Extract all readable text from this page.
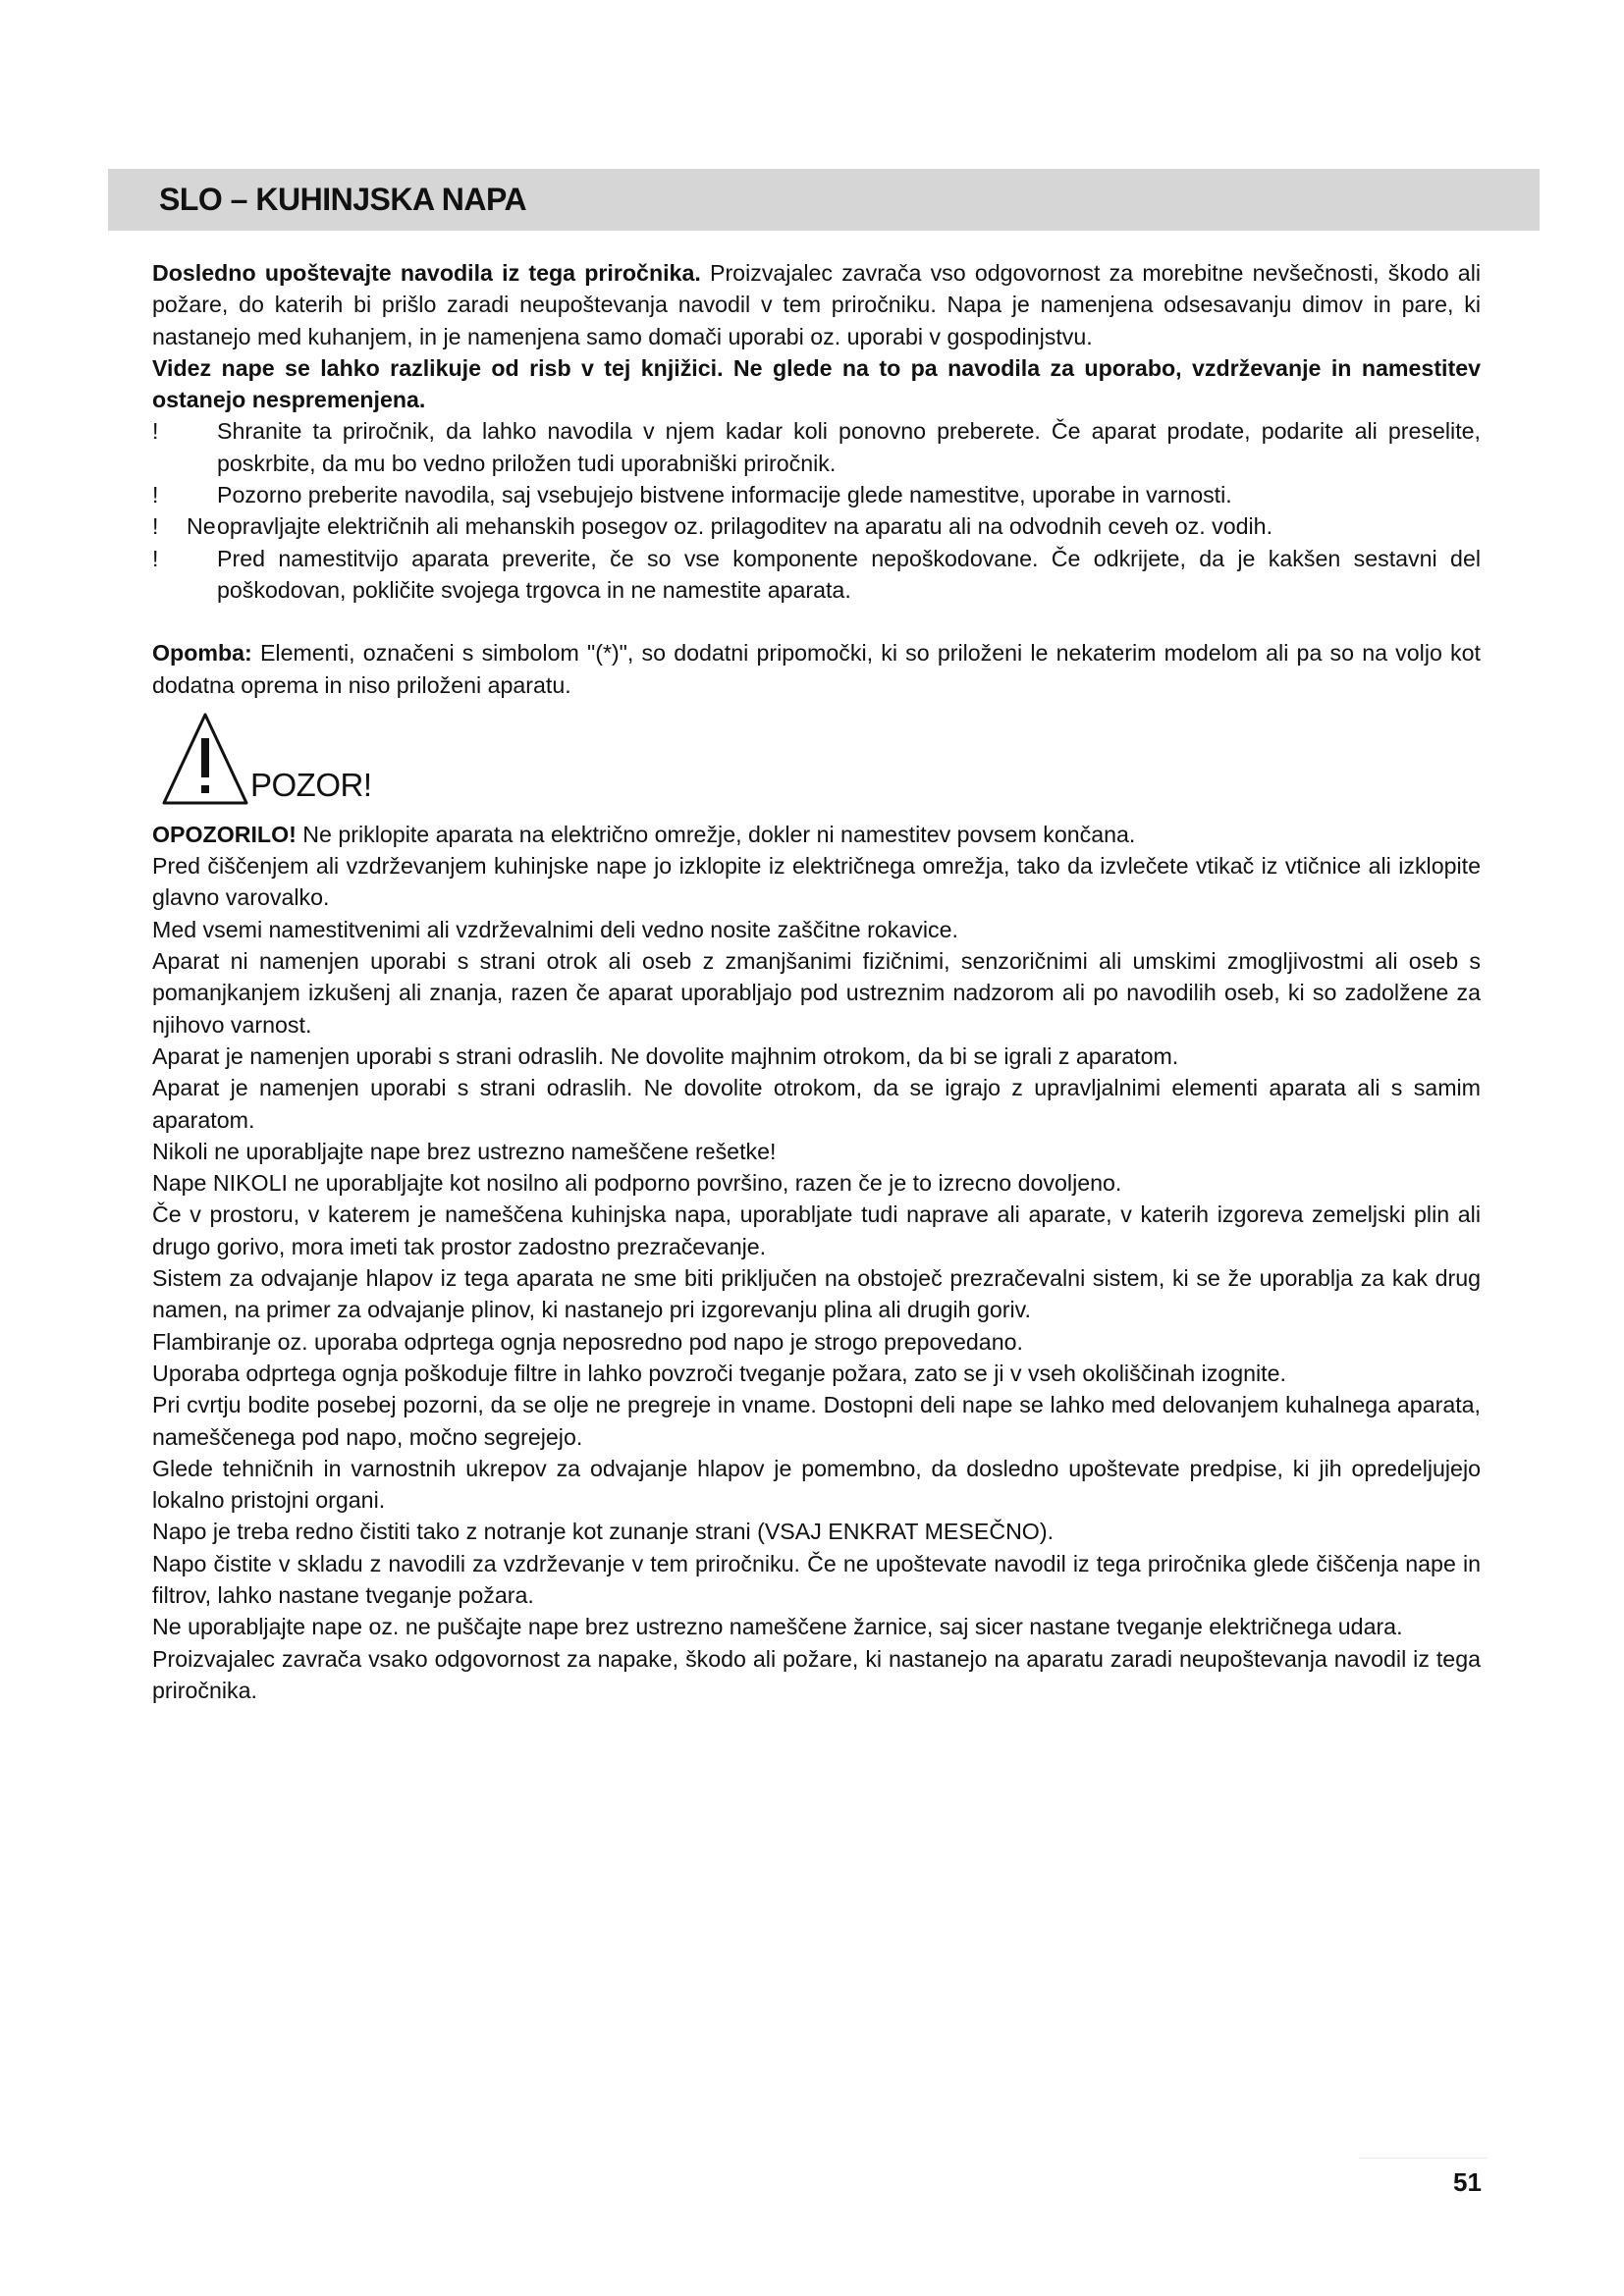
SLO – KUHINJSKA NAPA

Dosledno upoštevajte navodila iz tega priročnika. Proizvajalec zavrača vso odgovornost za morebitne nevšečnosti, škodo ali požare, do katerih bi prišlo zaradi neupoštevanja navodil v tem priročniku. Napa je namenjena odsesavanju dimov in pare, ki nastanejo med kuhanjem, in je namenjena samo domači uporabi oz. uporabi v gospodinjstvu.

Videz nape se lahko razlikuje od risb v tej knjižici. Ne glede na to pa navodila za uporabo, vzdrževanje in namestitev ostanejo nespremenjena.

!	Shranite ta priročnik, da lahko navodila v njem kadar koli ponovno preberete. Če aparat prodate, podarite ali preselite, poskrbite, da mu bo vedno priložen tudi uporabniški priročnik.
!	Pozorno preberite navodila, saj vsebujejo bistvene informacije glede namestitve, uporabe in varnosti.
! Ne opravljajte električnih ali mehanskih posegov oz. prilagoditev na aparatu ali na odvodnih ceveh oz. vodih.
!	Pred namestitvijo aparata preverite, če so vse komponente nepoškodovane. Če odkrijete, da je kakšen sestavni del poškodovan, pokličite svojega trgovca in ne namestite aparata.

Opomba: Elementi, označeni s simbolom "(*)", so dodatni pripomočki, ki so priloženi le nekaterim modelom ali pa so na voljo kot dodatna oprema in niso priloženi aparatu.

POZOR!

OPOZORILO! Ne priklopite aparata na električno omrežje, dokler ni namestitev povsem končana.

Pred čiščenjem ali vzdrževanjem kuhinjske nape jo izklopite iz električnega omrežja, tako da izvlečete vtikač iz vtičnice ali izklopite glavno varovalko.

Med vsemi namestitvenimi ali vzdrževalnimi deli vedno nosite zaščitne rokavice.

Aparat ni namenjen uporabi s strani otrok ali oseb z zmanjšanimi fizičnimi, senzoričnimi ali umskimi zmogljivostmi ali oseb s pomanjkanjem izkušenj ali znanja, razen če aparat uporabljajo pod ustreznim nadzorom ali po navodilih oseb, ki so zadolžene za njihovo varnost.

Aparat je namenjen uporabi s strani odraslih. Ne dovolite majhnim otrokom, da bi se igrali z aparatom.

Aparat je namenjen uporabi s strani odraslih. Ne dovolite otrokom, da se igrajo z upravljalnimi elementi aparata ali s samim aparatom.

Nikoli ne uporabljajte nape brez ustrezno nameščene rešetke!

Nape NIKOLI ne uporabljajte kot nosilno ali podporno površino, razen če je to izrecno dovoljeno.

Če v prostoru, v katerem je nameščena kuhinjska napa, uporabljate tudi naprave ali aparate, v katerih izgoreva zemeljski plin ali drugo gorivo, mora imeti tak prostor zadostno prezračevanje.

Sistem za odvajanje hlapov iz tega aparata ne sme biti priključen na obstoječ prezračevalni sistem, ki se že uporablja za kak drug namen, na primer za odvajanje plinov, ki nastanejo pri izgorevanju plina ali drugih goriv.

Flambiranje oz. uporaba odprtega ognja neposredno pod napo je strogo prepovedano.

Uporaba odprtega ognja poškoduje filtre in lahko povzroči tveganje požara, zato se ji v vseh okoliščinah izognite.

Pri cvrtju bodite posebej pozorni, da se olje ne pregreje in vname. Dostopni deli nape se lahko med delovanjem kuhalnega aparata, nameščenega pod napo, močno segrejejo.

Glede tehničnih in varnostnih ukrepov za odvajanje hlapov je pomembno, da dosledno upoštevate predpise, ki jih opredeljujejo lokalno pristojni organi.

Napo je treba redno čistiti tako z notranje kot zunanje strani (VSAJ ENKRAT MESEČNO).

Napo čistite v skladu z navodili za vzdrževanje v tem priročniku. Če ne upoštevate navodil iz tega priročnika glede čiščenja nape in filtrov, lahko nastane tveganje požara.

Ne uporabljajte nape oz. ne puščajte nape brez ustrezno nameščene žarnice, saj sicer nastane tveganje električnega udara.

Proizvajalec zavrača vsako odgovornost za napake, škodo ali požare, ki nastanejo na aparatu zaradi neupoštevanja navodil iz tega priročnika.

51
